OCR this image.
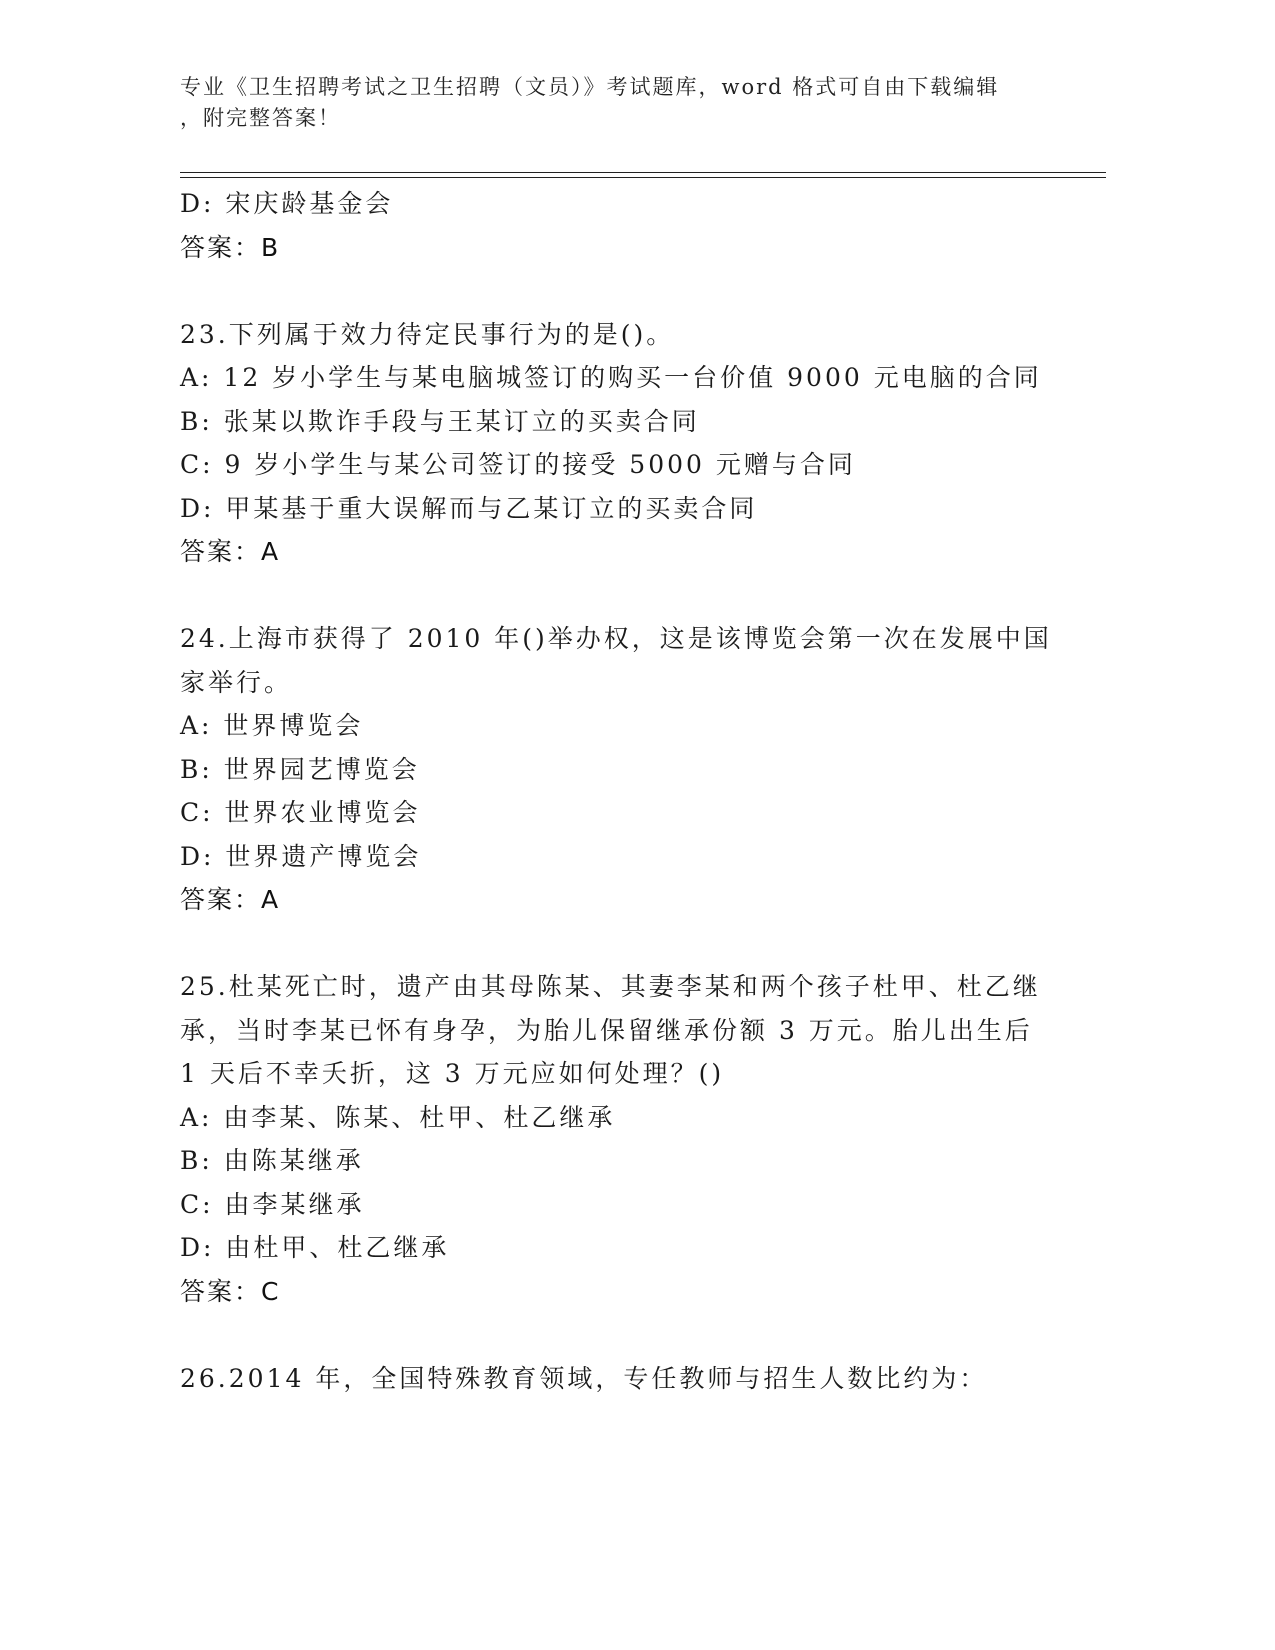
专业《卫生招聘考试之卫生招聘（文员）》考试题库，word 格式可自由下载编辑
，附完整答案！
D: 宋庆龄基金会
答案：B
23.下列属于效力待定民事行为的是()。
A: 12 岁小学生与某电脑城签订的购买一台价值 9000 元电脑的合同
B: 张某以欺诈手段与王某订立的买卖合同
C: 9 岁小学生与某公司签订的接受 5000 元赠与合同
D: 甲某基于重大误解而与乙某订立的买卖合同
答案：A
24.上海市获得了 2010 年()举办权，这是该博览会第一次在发展中国
家举行。
A: 世界博览会
B: 世界园艺博览会
C: 世界农业博览会
D: 世界遗产博览会
答案：A
25.杜某死亡时，遗产由其母陈某、其妻李某和两个孩子杜甲、杜乙继
承，当时李某已怀有身孕，为胎儿保留继承份额 3 万元。胎儿出生后
1 天后不幸夭折，这 3 万元应如何处理？()
A: 由李某、陈某、杜甲、杜乙继承
B: 由陈某继承
C: 由李某继承
D: 由杜甲、杜乙继承
答案：C
26.2014 年，全国特殊教育领域，专任教师与招生人数比约为：
